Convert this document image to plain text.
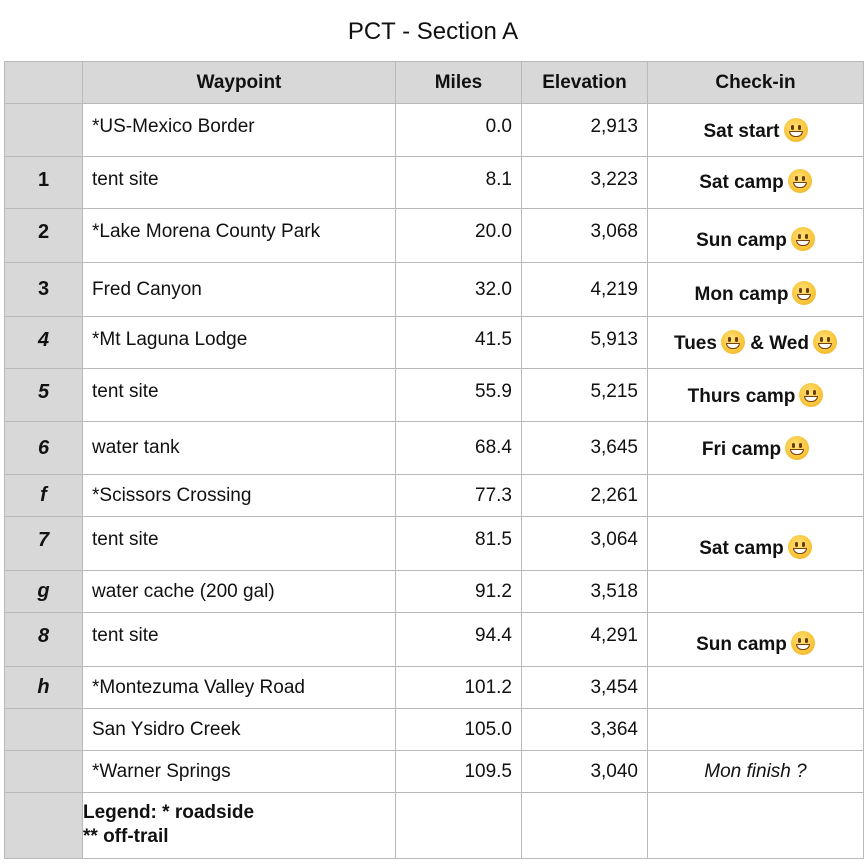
PCT - Section A
	Waypoint	Miles	Elevation	Check-in
	*US-Mexico Border	0.0	2,913	Sat start

1	tent site	8.1	3,223	Sat camp

2	*Lake Morena County Park	20.0	3,068	Sun camp

3	Fred Canyon	32.0	4,219	Mon camp

4	*Mt Laguna Lodge	41.5	5,913	Tues & Wed

5	tent site	55.9	5,215	Thurs camp

6	water tank	68.4	3,645	Fri camp

f	*Scissors Crossing	77.3	2,261	
7	tent site	81.5	3,064	Sat camp

g	water cache (200 gal)	91.2	3,518	
8	tent site	94.4	4,291	Sun camp

h	*Montezuma Valley Road	101.2	3,454	
	San Ysidro Creek	105.0	3,364	
	*Warner Springs	109.5	3,040	Mon finish ?

	Legend: * roadside
** off-trail			
